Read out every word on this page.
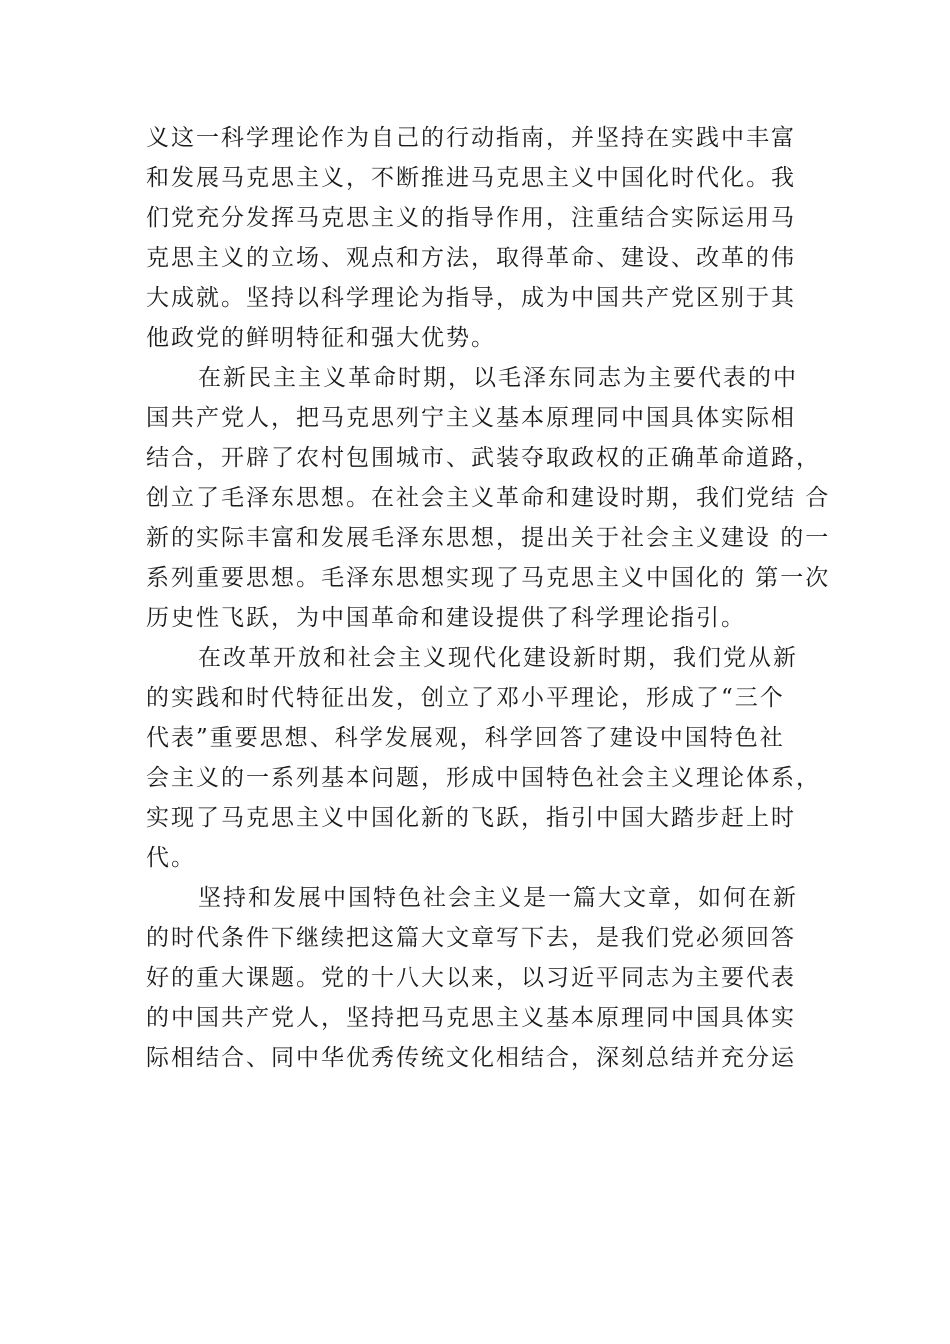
义这一科学理论作为自己的行动指南，并坚持在实践中丰富
和发展马克思主义，不断推进马克思主义中国化时代化。我
们党充分发挥马克思主义的指导作用，注重结合实际运用马
克思主义的立场、观点和方法，取得革命、建设、改革的伟
大成就。坚持以科学理论为指导，成为中国共产党区别于其
他政党的鲜明特征和强大优势。
在新民主主义革命时期，以毛泽东同志为主要代表的中
国共产党人，把马克思列宁主义基本原理同中国具体实际相
结合，开辟了农村包围城市、武装夺取政权的正确革命道路，
创立了毛泽东思想。在社会主义革命和建设时期，我们党结 合
新的实际丰富和发展毛泽东思想，提出关于社会主义建设 的一
系列重要思想。毛泽东思想实现了马克思主义中国化的 第一次
历史性飞跃，为中国革命和建设提供了科学理论指引。
在改革开放和社会主义现代化建设新时期，我们党从新
的实践和时代特征出发，创立了邓小平理论，形成了“三个
代表”重要思想、科学发展观，科学回答了建设中国特色社
会主义的一系列基本问题，形成中国特色社会主义理论体系，
实现了马克思主义中国化新的飞跃，指引中国大踏步赶上时
代。
坚持和发展中国特色社会主义是一篇大文章，如何在新
的时代条件下继续把这篇大文章写下去，是我们党必须回答
好的重大课题。党的十八大以来，以习近平同志为主要代表
的中国共产党人，坚持把马克思主义基本原理同中国具体实
际相结合、同中华优秀传统文化相结合，深刻总结并充分运
